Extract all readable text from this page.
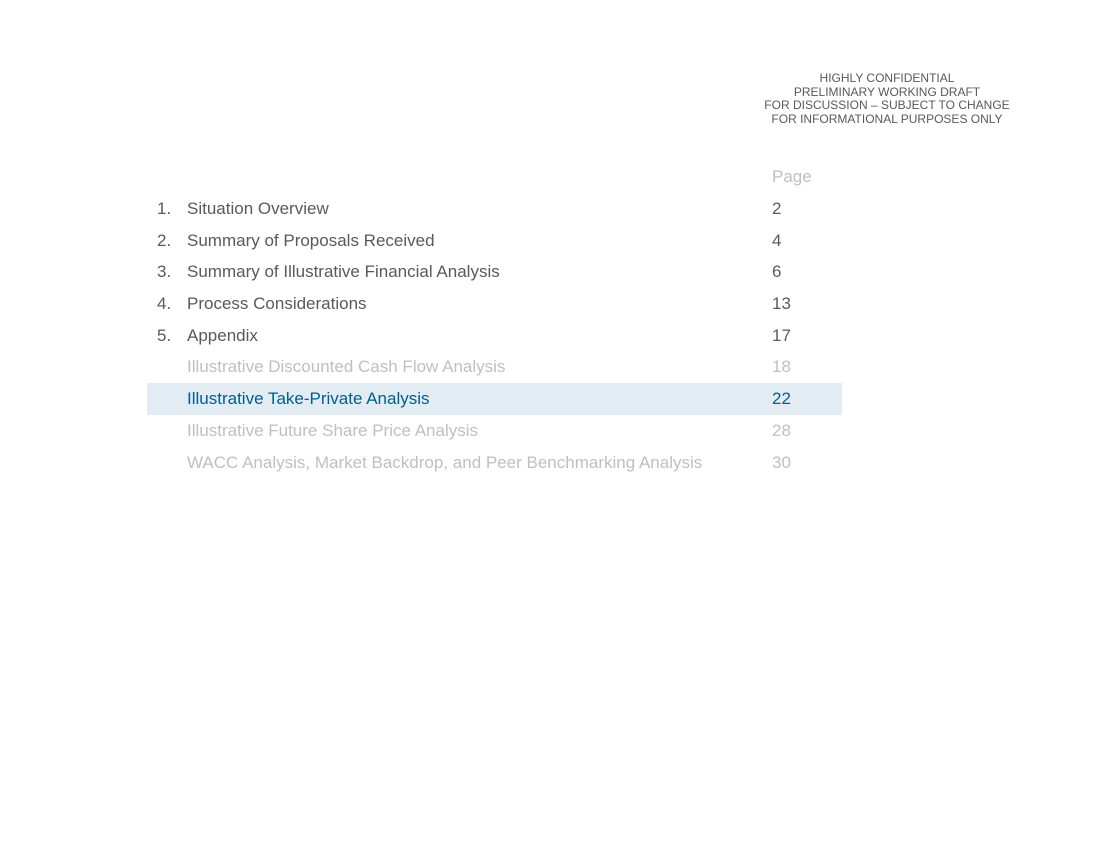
HIGHLY CONFIDENTIAL
PRELIMINARY WORKING DRAFT
FOR DISCUSSION – SUBJECT TO CHANGE
FOR INFORMATIONAL PURPOSES ONLY
Page
1. Situation Overview	2
2. Summary of Proposals Received	4
3. Summary of Illustrative Financial Analysis	6
4. Process Considerations	13
5. Appendix	17
Illustrative Discounted Cash Flow Analysis	18
Illustrative Take-Private Analysis	22
Illustrative Future Share Price Analysis	28
WACC Analysis, Market Backdrop, and Peer Benchmarking Analysis	30
